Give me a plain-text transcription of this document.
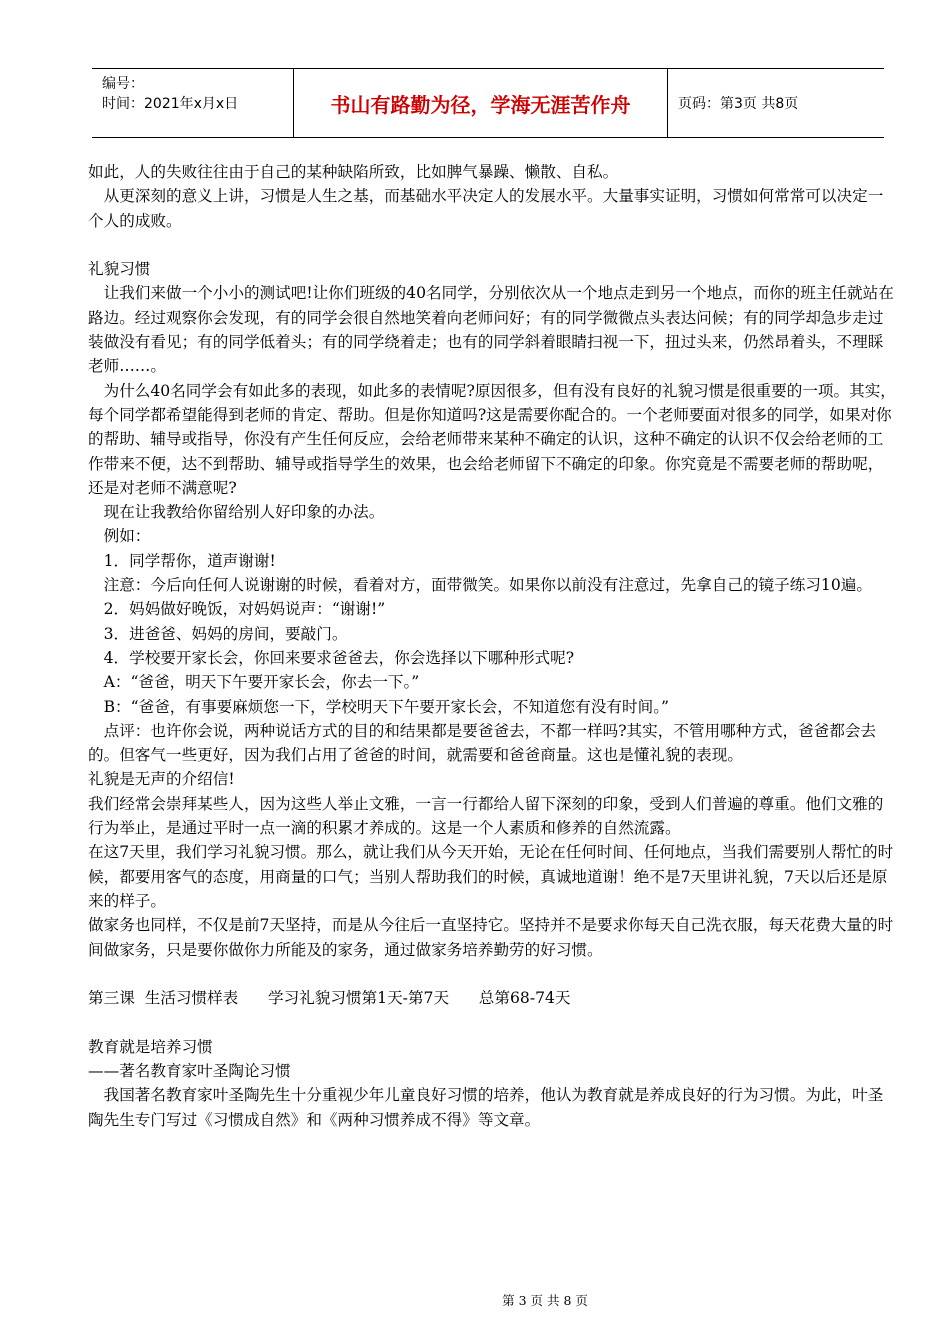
编号：
时间：2021年x月x日	书山有路勤为径，学海无涯苦作舟	页码：第3页 共8页

如此，人的失败往往由于自己的某种缺陷所致，比如脾气暴躁、懒散、自私。

从更深刻的意义上讲，习惯是人生之基，而基础水平决定人的发展水平。大量事实证明，习惯如何常常可以决定一个人的成败。

礼貌习惯

让我们来做一个小小的测试吧!让你们班级的40名同学，分别依次从一个地点走到另一个地点，而你的班主任就站在路边。经过观察你会发现，有的同学会很自然地笑着向老师问好；有的同学微微点头表达问候；有的同学却急步走过装做没有看见；有的同学低着头；有的同学绕着走；也有的同学斜着眼睛扫视一下，扭过头来，仍然昂着头，不理睬老师……。

为什么40名同学会有如此多的表现，如此多的表情呢?原因很多，但有没有良好的礼貌习惯是很重要的一项。其实，每个同学都希望能得到老师的肯定、帮助。但是你知道吗?这是需要你配合的。一个老师要面对很多的同学，如果对你的帮助、辅导或指导，你没有产生任何反应，会给老师带来某种不确定的认识，这种不确定的认识不仅会给老师的工作带来不便，达不到帮助、辅导或指导学生的效果，也会给老师留下不确定的印象。你究竟是不需要老师的帮助呢，还是对老师不满意呢?

现在让我教给你留给别人好印象的办法。

例如：

1．同学帮你，道声谢谢!

注意：今后向任何人说谢谢的时候，看着对方，面带微笑。如果你以前没有注意过，先拿自己的镜子练习10遍。

2．妈妈做好晚饭，对妈妈说声：“谢谢!”

3．进爸爸、妈妈的房间，要敲门。

4．学校要开家长会，你回来要求爸爸去，你会选择以下哪种形式呢?

A：“爸爸，明天下午要开家长会，你去一下。”

B：“爸爸，有事要麻烦您一下，学校明天下午要开家长会，不知道您有没有时间。”

点评：也许你会说，两种说话方式的目的和结果都是要爸爸去，不都一样吗?其实，不管用哪种方式，爸爸都会去的。但客气一些更好，因为我们占用了爸爸的时间，就需要和爸爸商量。这也是懂礼貌的表现。

礼貌是无声的介绍信!

我们经常会崇拜某些人，因为这些人举止文雅，一言一行都给人留下深刻的印象，受到人们普遍的尊重。他们文雅的行为举止，是通过平时一点一滴的积累才养成的。这是一个人素质和修养的自然流露。

在这7天里，我们学习礼貌习惯。那么，就让我们从今天开始，无论在任何时间、任何地点，当我们需要别人帮忙的时候，都要用客气的态度，用商量的口气；当别人帮助我们的时候，真诚地道谢！绝不是7天里讲礼貌，7天以后还是原来的样子。

做家务也同样，不仅是前7天坚持，而是从今往后一直坚持它。坚持并不是要求你每天自己洗衣服，每天花费大量的时间做家务，只是要你做你力所能及的家务，通过做家务培养勤劳的好习惯。

第三课  生活习惯样表      学习礼貌习惯第1天-第7天      总第68-74天

教育就是培养习惯

——著名教育家叶圣陶论习惯

我国著名教育家叶圣陶先生十分重视少年儿童良好习惯的培养，他认为教育就是养成良好的行为习惯。为此，叶圣陶先生专门写过《习惯成自然》和《两种习惯养成不得》等文章。

第 3 页 共 8 页
